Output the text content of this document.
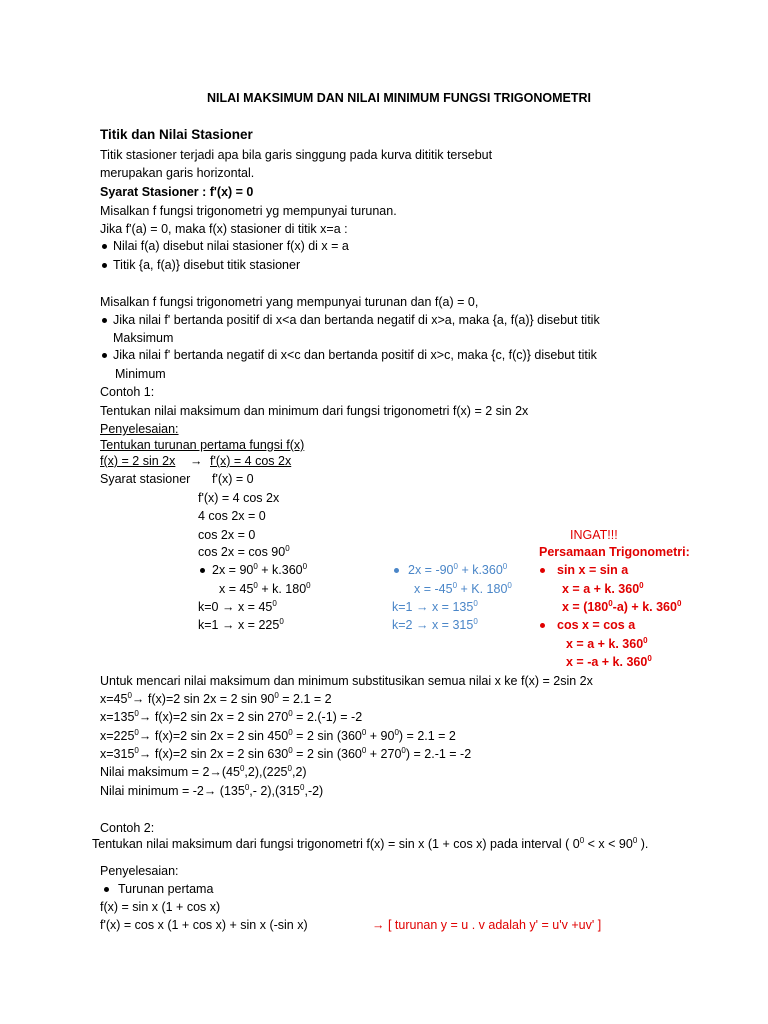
NILAI MAKSIMUM DAN NILAI MINIMUM FUNGSI TRIGONOMETRI
Titik dan Nilai Stasioner
Titik stasioner terjadi apa bila garis singgung pada kurva dititik tersebut
merupakan garis horizontal.
Syarat Stasioner : f'(x) = 0
Misalkan f fungsi trigonometri yg mempunyai turunan.
Jika f'(a) = 0, maka f(x) stasioner di titik x=a :
Nilai f(a) disebut nilai stasioner f(x) di x = a
Titik {a, f(a)} disebut titik stasioner
Misalkan f fungsi trigonometri yang mempunyai turunan dan f(a) = 0,
Jika nilai f' bertanda positif di x<a dan bertanda negatif di x>a, maka {a, f(a)} disebut titik
Maksimum
Jika nilai f' bertanda negatif di x<c dan bertanda positif di x>c, maka {c, f(c)} disebut titik
Minimum
Contoh 1:
Tentukan nilai maksimum dan minimum dari fungsi trigonometri f(x) = 2 sin 2x
Penyelesaian:
Tentukan turunan pertama fungsi f(x)
f(x) = 2 sin 2x → f'(x) = 4 cos 2x
Syarat stasioner f'(x) = 0
f'(x) = 4 cos 2x
4 cos 2x = 0
cos 2x = 0
$\cos 2x = \cos 90^0$
$2x = 90^0 + k.360^0$
$x = 45^0 + k$. $180^0$
$k=0 \to x = 45^0$
$k=1 \to x = 225^0$
$2x = -90^0 + k.360^0$
$x = -45^0 + K$. $180^0$
$k=1 \to x = 135^0$
$k=2 \to x = 315^0$
INGAT!!!
Persamaan Trigonometri:
sin x = sin a
x = a + k. $360^0$
$x = (180^0-a) + k$. $360^0$
cos x = cos a
x = a + k. $360^0$
x = -a + k. $360^0$
Untuk mencari nilai maksimum dan minimum substitusikan semua nilai x ke f(x) = 2sin 2x
$x=45^0\to f(x)=2$ sin 2x = 2 $\sin 90^0 = 2.1 = 2$
$x=135^0\to f(x)=2$ sin 2x = 2 $\sin 270^0 = 2.(-1) = -2$
$x=225^0\to f(x)=2$ sin 2x = 2 $\sin 450^0 = 2$ $\sin (360^0 + 90^0) = 2.1 = 2$
$x=315^0\to f(x)=2$ sin 2x = 2 $\sin 630^0 = 2$ $\sin (360^0 + 270^0) = 2.-1 = -2$
Nilai maksimum = $2\to(45^0,2),(225^0,2)$
Nilai minimum = $-2\to (135^0,-$ $2),(315^0,-2)$
Contoh 2:
Tentukan nilai maksimum dari fungsi trigonometri f(x) = sin x (1 + cos x) pada interval ( $0^0 < x < 90^0$ ).
Penyelesaian:
Turunan pertama
f(x) = sin x (1 + cos x)
f'(x) = cos x (1 + cos x) + sin x (-sin x)	→ [ turunan y = u . v adalah y' = u'v +uv' ]
